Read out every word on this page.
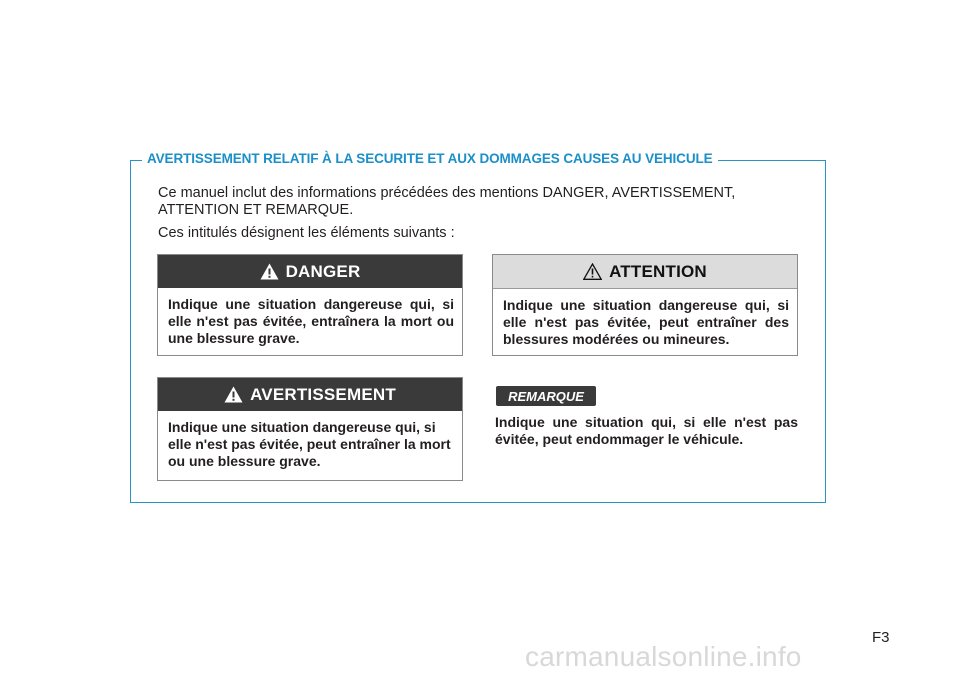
AVERTISSEMENT RELATIF À LA SECURITE ET AUX DOMMAGES CAUSES AU VEHICULE

Ce manuel inclut des informations précédées des mentions DANGER, AVERTISSEMENT, ATTENTION ET REMARQUE.

Ces intitulés désignent les éléments suivants :

DANGER
Indique une situation dangereuse qui, si elle n'est pas évitée, entraînera la mort ou une blessure grave.
ATTENTION
Indique une situation dangereuse qui, si elle n'est pas évitée, peut entraîner des blessures modérées ou mineures.
AVERTISSEMENT
Indique une situation dangereuse qui, si elle n'est pas évitée, peut entraîner la mort ou une blessure grave.
REMARQUE
Indique une situation qui, si elle n'est pas évitée, peut endommager le véhicule.
F3
carmanualsonline.info
